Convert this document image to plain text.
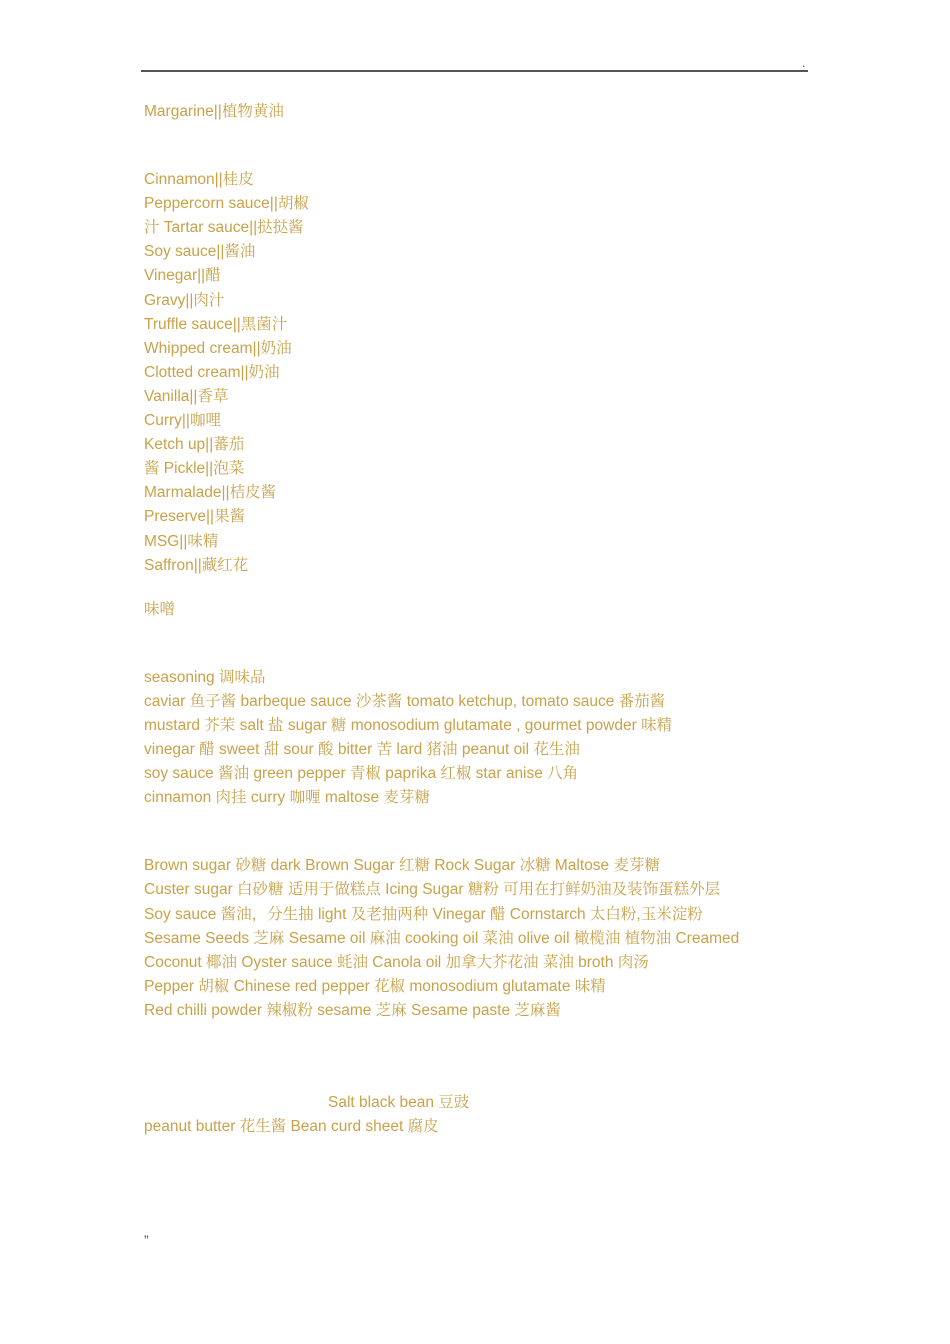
.
Margarine||植物黄油
Cinnamon||桂皮
Peppercorn sauce||胡椒
汁 Tartar sauce||挞挞酱
Soy sauce||酱油
Vinegar||醋
Gravy||肉汁
Truffle sauce||黑菌汁
Whipped cream||奶油
Clotted cream||奶油
Vanilla||香草
Curry||咖哩
Ketch up||蕃茄
酱 Pickle||泡菜
Marmalade||桔皮酱
Preserve||果酱
MSG||味精
Saffron||藏红花
味噌
seasoning 调味品
caviar 鱼子酱 barbeque sauce 沙茶酱 tomato ketchup, tomato sauce 番茄酱
mustard 芥茉 salt 盐 sugar 糖 monosodium glutamate , gourmet powder 味精
vinegar 醋 sweet 甜 sour 酸 bitter 苦 lard 猪油 peanut oil 花生油
soy sauce 酱油 green pepper 青椒 paprika 红椒 star anise 八角
cinnamon 肉挂 curry 咖喱 maltose 麦芽糖
Brown sugar 砂糖 dark Brown Sugar 红糖 Rock Sugar 冰糖 Maltose 麦芽糖
Custer sugar 白砂糖 适用于做糕点 Icing Sugar 糖粉 可用在打鲜奶油及装饰蛋糕外层
Soy sauce 酱油，分生抽 light 及老抽两种 Vinegar 醋 Cornstarch 太白粉,玉米淀粉
Sesame Seeds 芝麻 Sesame oil 麻油 cooking oil 菜油 olive oil 橄榄油 植物油 Creamed
Coconut 椰油 Oyster sauce 蚝油 Canola oil 加拿大芥花油 菜油 broth 肉汤
Pepper 胡椒 Chinese red pepper 花椒 monosodium glutamate 味精
Red chilli powder 辣椒粉 sesame 芝麻 Sesame paste 芝麻酱
Salt black bean 豆豉
peanut butter 花生酱 Bean curd sheet 腐皮
”
